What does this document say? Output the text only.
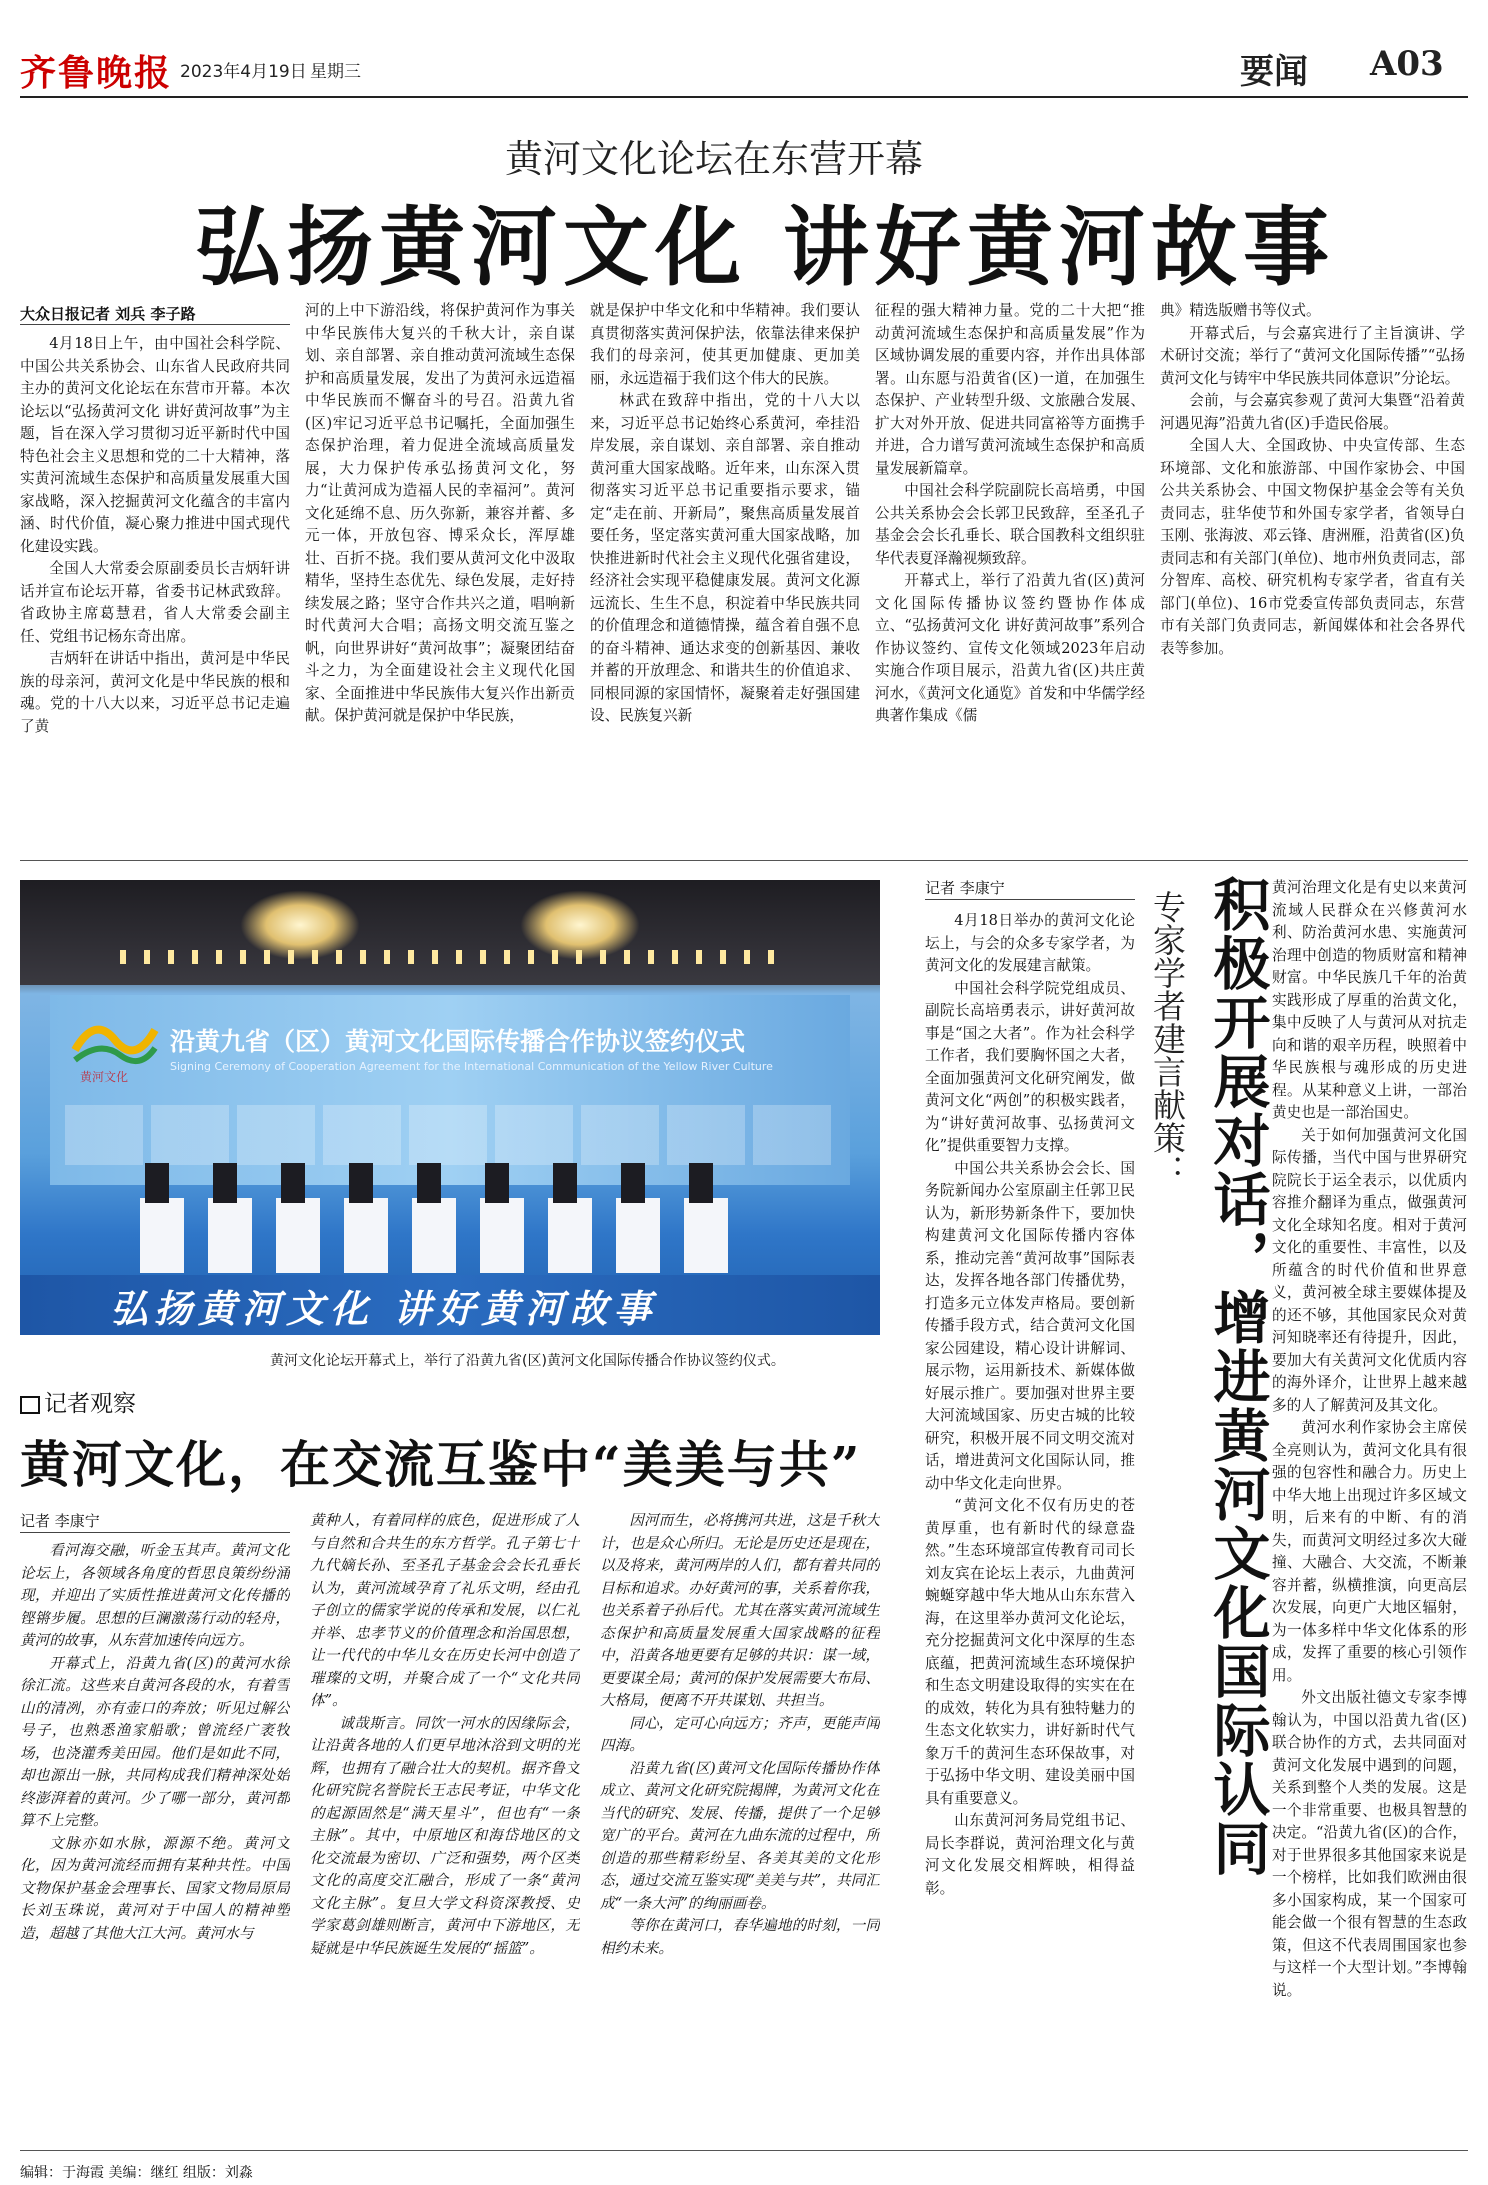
齐鲁晚报 2023年4月19日 星期三	要闻 A03
黄河文化论坛在东营开幕
弘扬黄河文化 讲好黄河故事
大众日报记者 刘兵 李子路

4月18日上午，由中国社会科学院、中国公共关系协会、山东省人民政府共同主办的黄河文化论坛在东营市开幕。本次论坛以“弘扬黄河文化 讲好黄河故事”为主题，旨在深入学习贯彻习近平新时代中国特色社会主义思想和党的二十大精神，落实黄河流域生态保护和高质量发展重大国家战略，深入挖掘黄河文化蕴含的丰富内涵、时代价值，凝心聚力推进中国式现代化建设实践。

全国人大常委会原副委员长吉炳轩讲话并宣布论坛开幕，省委书记林武致辞。省政协主席葛慧君，省人大常委会副主任、党组书记杨东奇出席。

吉炳轩在讲话中指出，黄河是中华民族的母亲河，黄河文化是中华民族的根和魂。党的十八大以来，习近平总书记走遍了黄

河的上中下游沿线，将保护黄河作为事关中华民族伟大复兴的千秋大计，亲自谋划、亲自部署、亲自推动黄河流域生态保护和高质量发展，发出了为黄河永远造福中华民族而不懈奋斗的号召。沿黄九省(区)牢记习近平总书记嘱托，全面加强生态保护治理，着力促进全流域高质量发展，大力保护传承弘扬黄河文化，努力“让黄河成为造福人民的幸福河”。黄河文化延绵不息、历久弥新，兼容并蓄、多元一体，开放包容、博采众长，浑厚雄壮、百折不挠。我们要从黄河文化中汲取精华，坚持生态优先、绿色发展，走好持续发展之路；坚守合作共兴之道，唱响新时代黄河大合唱；高扬文明交流互鉴之帆，向世界讲好“黄河故事”；凝聚团结奋斗之力，为全面建设社会主义现代化国家、全面推进中华民族伟大复兴作出新贡献。保护黄河就是保护中华民族，

就是保护中华文化和中华精神。我们要认真贯彻落实黄河保护法，依靠法律来保护我们的母亲河，使其更加健康、更加美丽，永远造福于我们这个伟大的民族。

林武在致辞中指出，党的十八大以来，习近平总书记始终心系黄河，牵挂沿岸发展，亲自谋划、亲自部署、亲自推动黄河重大国家战略。近年来，山东深入贯彻落实习近平总书记重要指示要求，锚定“走在前、开新局”，聚焦高质量发展首要任务，坚定落实黄河重大国家战略，加快推进新时代社会主义现代化强省建设，经济社会实现平稳健康发展。黄河文化源远流长、生生不息，积淀着中华民族共同的价值理念和道德情操，蕴含着自强不息的奋斗精神、通达求变的创新基因、兼收并蓄的开放理念、和谐共生的价值追求、同根同源的家国情怀，凝聚着走好强国建设、民族复兴新

征程的强大精神力量。党的二十大把“推动黄河流域生态保护和高质量发展”作为区域协调发展的重要内容，并作出具体部署。山东愿与沿黄省(区)一道，在加强生态保护、产业转型升级、文旅融合发展、扩大对外开放、促进共同富裕等方面携手并进，合力谱写黄河流域生态保护和高质量发展新篇章。

中国社会科学院副院长高培勇，中国公共关系协会会长郭卫民致辞，至圣孔子基金会会长孔垂长、联合国教科文组织驻华代表夏泽瀚视频致辞。

开幕式上，举行了沿黄九省(区)黄河文化国际传播协议签约暨协作体成立、“弘扬黄河文化 讲好黄河故事”系列合作协议签约、宣传文化领域2023年启动实施合作项目展示，沿黄九省(区)共庄黄河水，《黄河文化通览》首发和中华儒学经典著作集成《儒

典》精选版赠书等仪式。

开幕式后，与会嘉宾进行了主旨演讲、学术研讨交流；举行了“黄河文化国际传播”“弘扬黄河文化与铸牢中华民族共同体意识”分论坛。

会前，与会嘉宾参观了黄河大集暨“沿着黄河遇见海”沿黄九省(区)手造民俗展。

全国人大、全国政协、中央宣传部、生态环境部、文化和旅游部、中国作家协会、中国公共关系协会、中国文物保护基金会等有关负责同志，驻华使节和外国专家学者，省领导白玉刚、张海波、邓云锋、唐洲雁，沿黄省(区)负责同志和有关部门(单位)、地市州负责同志，部分智库、高校、研究机构专家学者，省直有关部门(单位)、16市党委宣传部负责同志，东营市有关部门负责同志，新闻媒体和社会各界代表等参加。

黄河文化
沿黄九省（区）黄河文化国际传播合作协议签约仪式
Signing Ceremony of Cooperation Agreement for the International Communication of the Yellow River Culture
弘扬黄河文化 讲好黄河故事
黄河文化论坛开幕式上，举行了沿黄九省(区)黄河文化国际传播合作协议签约仪式。
记者观察
黄河文化，在交流互鉴中“美美与共”
记者 李康宁

看河海交融，听金玉其声。黄河文化论坛上，各领域各角度的哲思良策纷纷涌现，并迎出了实质性推进黄河文化传播的铿锵步履。思想的巨澜激荡行动的轻舟，黄河的故事，从东营加速传向远方。

开幕式上，沿黄九省(区)的黄河水徐徐汇流。这些来自黄河各段的水，有着雪山的清冽，亦有壶口的奔放；听见过解公号子，也熟悉渔家船歌；曾流经广袤牧场，也浇灌秀美田园。他们是如此不同，却也源出一脉，共同构成我们精神深处始终澎湃着的黄河。少了哪一部分，黄河都算不上完整。

文脉亦如水脉，源源不绝。黄河文化，因为黄河流经而拥有某种共性。中国文物保护基金会理事长、国家文物局原局长刘玉珠说，黄河对于中国人的精神塑造，超越了其他大江大河。黄河水与

黄种人，有着同样的底色，促进形成了人与自然和合共生的东方哲学。孔子第七十九代嫡长孙、至圣孔子基金会会长孔垂长认为，黄河流域孕育了礼乐文明，经由孔子创立的儒家学说的传承和发展，以仁礼并举、忠孝节义的价值理念和治国思想，让一代代的中华儿女在历史长河中创造了璀璨的文明，并聚合成了一个“文化共同体”。

诚哉斯言。同饮一河水的因缘际会，让沿黄各地的人们更早地沐浴到文明的光辉，也拥有了融合壮大的契机。据齐鲁文化研究院名誉院长王志民考证，中华文化的起源固然是“满天星斗”，但也有“一条主脉”。其中，中原地区和海岱地区的文化交流最为密切、广泛和强势，两个区类文化的高度交汇融合，形成了一条“黄河文化主脉”。复旦大学文科资深教授、史学家葛剑雄则断言，黄河中下游地区，无疑就是中华民族诞生发展的“摇篮”。

因河而生，必将携河共进，这是千秋大计，也是众心所归。无论是历史还是现在，以及将来，黄河两岸的人们，都有着共同的目标和追求。办好黄河的事，关系着你我，也关系着子孙后代。尤其在落实黄河流域生态保护和高质量发展重大国家战略的征程中，沿黄各地更要有足够的共识：谋一域，更要谋全局；黄河的保护发展需要大布局、大格局，便离不开共谋划、共担当。

同心，定可心向远方；齐声，更能声闻四海。

沿黄九省(区)黄河文化国际传播协作体成立、黄河文化研究院揭牌，为黄河文化在当代的研究、发展、传播，提供了一个足够宽广的平台。黄河在九曲东流的过程中，所创造的那些精彩纷呈、各美其美的文化形态，通过交流互鉴实现“美美与共”，共同汇成“一条大河”的绚丽画卷。

等你在黄河口，春华遍地的时刻，一同相约未来。

记者 李康宁
专家学者建言献策： 积极开展对话，增进黄河文化国际认同

4月18日举办的黄河文化论坛上，与会的众多专家学者，为黄河文化的发展建言献策。

中国社会科学院党组成员、副院长高培勇表示，讲好黄河故事是“国之大者”。作为社会科学工作者，我们要胸怀国之大者，全面加强黄河文化研究阐发，做黄河文化“两创”的积极实践者，为“讲好黄河故事、弘扬黄河文化”提供重要智力支撑。

中国公共关系协会会长、国务院新闻办公室原副主任郭卫民认为，新形势新条件下，要加快构建黄河文化国际传播内容体系，推动完善“黄河故事”国际表达，发挥各地各部门传播优势，打造多元立体发声格局。要创新传播手段方式，结合黄河文化国家公园建设，精心设计讲解词、展示物，运用新技术、新媒体做好展示推广。要加强对世界主要大河流域国家、历史古城的比较研究，积极开展不同文明交流对话，增进黄河文化国际认同，推动中华文化走向世界。

“黄河文化不仅有历史的苍黄厚重，也有新时代的绿意盎然。”生态环境部宣传教育司司长刘友宾在论坛上表示，九曲黄河蜿蜒穿越中华大地从山东东营入海，在这里举办黄河文化论坛，充分挖掘黄河文化中深厚的生态底蕴，把黄河流域生态环境保护和生态文明建设取得的实实在在的成效，转化为具有独特魅力的生态文化软实力，讲好新时代气象万千的黄河生态环保故事，对于弘扬中华文明、建设美丽中国具有重要意义。

山东黄河河务局党组书记、局长李群说，黄河治理文化与黄河文化发展交相辉映，相得益彰。

黄河治理文化是有史以来黄河流域人民群众在兴修黄河水利、防治黄河水患、实施黄河治理中创造的物质财富和精神财富。中华民族几千年的治黄实践形成了厚重的治黄文化，集中反映了人与黄河从对抗走向和谐的艰辛历程，映照着中华民族根与魂形成的历史进程。从某种意义上讲，一部治黄史也是一部治国史。

关于如何加强黄河文化国际传播，当代中国与世界研究院院长于运全表示，以优质内容推介翻译为重点，做强黄河文化全球知名度。相对于黄河文化的重要性、丰富性，以及所蕴含的时代价值和世界意义，黄河被全球主要媒体提及的还不够，其他国家民众对黄河知晓率还有待提升，因此，要加大有关黄河文化优质内容的海外译介，让世界上越来越多的人了解黄河及其文化。

黄河水利作家协会主席侯全亮则认为，黄河文化具有很强的包容性和融合力。历史上中华大地上出现过许多区域文明，后来有的中断、有的消失，而黄河文明经过多次大碰撞、大融合、大交流，不断兼容并蓄，纵横推演，向更高层次发展，向更广大地区辐射，为一体多样中华文化体系的形成，发挥了重要的核心引领作用。

外文出版社德文专家李博翰认为，中国以沿黄九省(区)联合协作的方式，去共同面对黄河文化发展中遇到的问题，关系到整个人类的发展。这是一个非常重要、也极具智慧的决定。“沿黄九省(区)的合作，对于世界很多其他国家来说是一个榜样，比如我们欧洲由很多小国家构成，某一个国家可能会做一个很有智慧的生态政策，但这不代表周围国家也参与这样一个大型计划。”李博翰说。

编辑：于海霞 美编：继红 组版：刘淼
